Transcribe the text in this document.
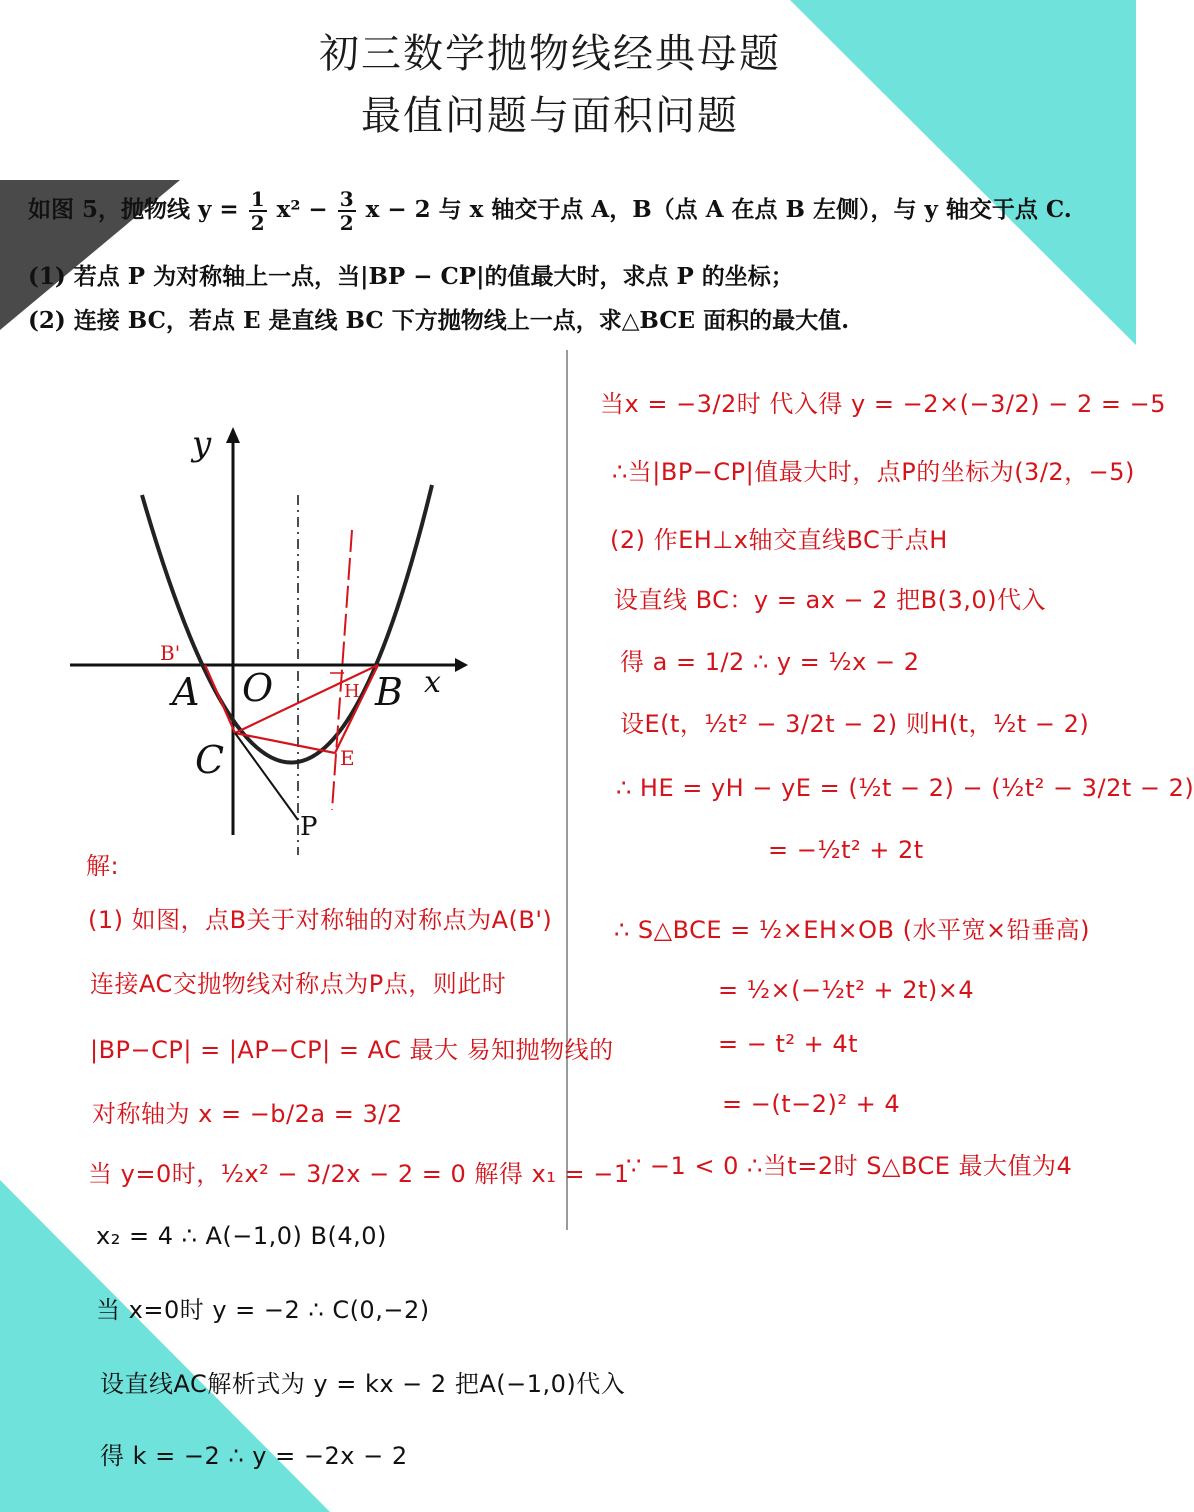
初三数学抛物线经典母题
最值问题与面积问题
如图 5，抛物线 $y = \frac{1}{2} x^2 - \frac{3}{2}$ x − 2 与 x 轴交于点 A，B（点 A 在点 B 左侧），与 y 轴交于点 C.
(1) 若点 P 为对称轴上一点，当|BP − CP|的值最大时，求点 P 的坐标；
(2) 连接 BC，若点 E 是直线 BC 下方抛物线上一点，求△BCE 面积的最大值.
y
x
O
A	B
C
P
B'
H
E
解:
(1) 如图，点B关于对称轴的对称点为A(B')
连接AC交抛物线对称点为P点，则此时
|BP−CP| = |AP−CP| = AC 最大 易知抛物线的
对称轴为 x = −b/2a = 3/2
当 y=0时，½x² − 3/2x − 2 = 0 解得 x₁ = −1
x₂ = 4 ∴ A(−1,0) B(4,0)
当 x=0时 y = −2 ∴ C(0,−2)
设直线AC解析式为 y = kx − 2 把A(−1,0)代入
得 k = −2 ∴ y = −2x − 2
当x = −3/2时 代入得 y = −2×(−3/2) − 2 = −5
∴当|BP−CP|值最大时，点P的坐标为(3/2，−5)
(2) 作EH⊥x轴交直线BC于点H
设直线 BC：y = ax − 2 把B(3,0)代入
得 a = 1/2 ∴ y = ½x − 2
设E(t，½t² − 3/2t − 2) 则H(t，½t − 2)
∴ HE = yH − yE = (½t − 2) − (½t² − 3/2t − 2)
= −½t² + 2t
∴ S△BCE = ½×EH×OB (水平宽×铅垂高)
= ½×(−½t² + 2t)×4
= − t² + 4t
= −(t−2)² + 4
∵ −1 < 0 ∴当t=2时 S△BCE 最大值为4
